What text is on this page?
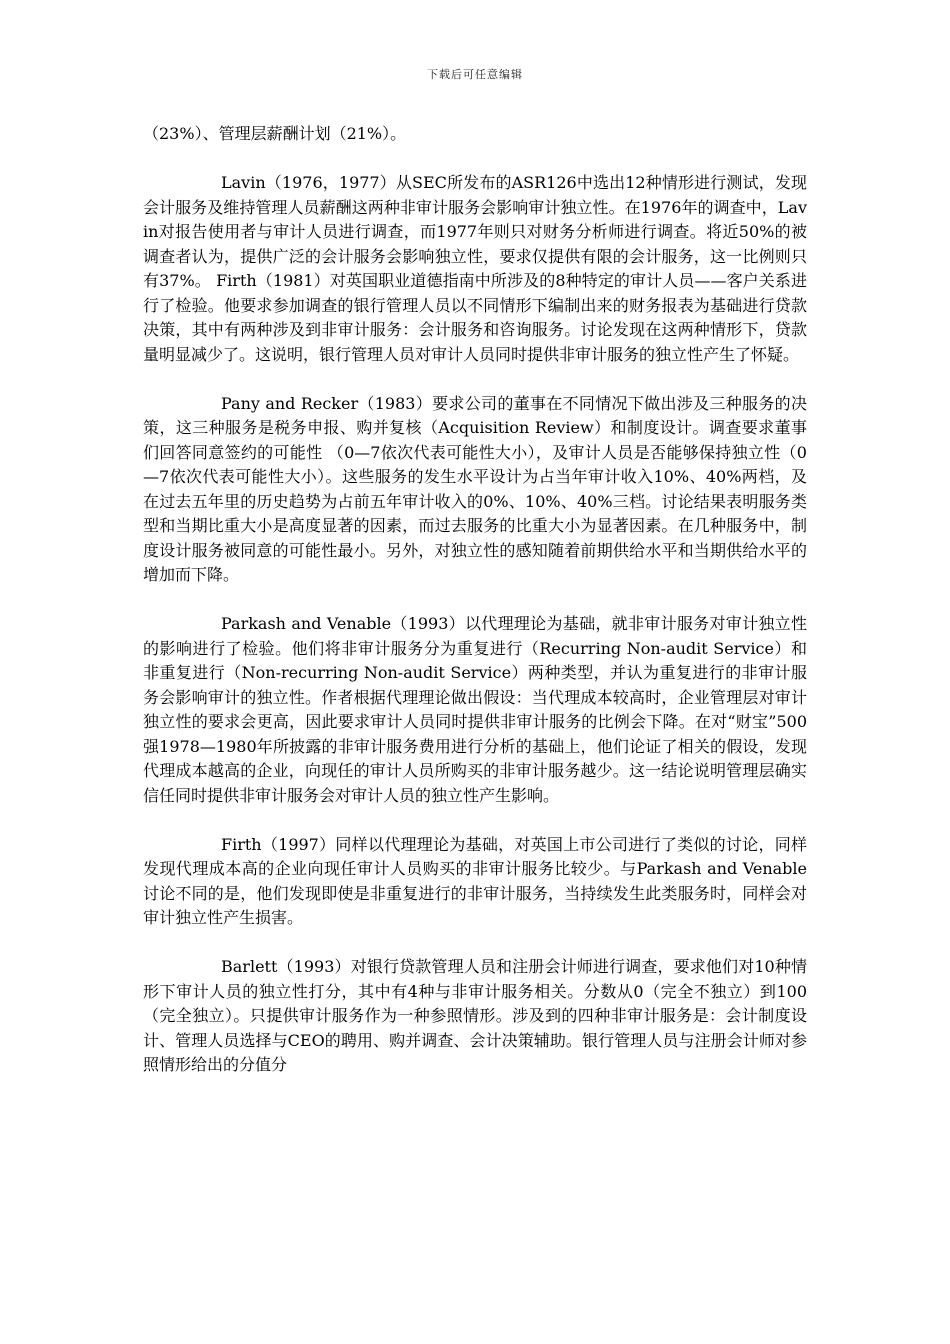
下载后可任意编辑

（23%）、管理层薪酬计划（21%）。

Lavin（1976，1977）从SEC所发布的ASR126中选出12种情形进行测试，发现会计服务及维持管理人员薪酬这两种非审计服务会影响审计独立性。在1976年的调查中，Lavin对报告使用者与审计人员进行调查，而1977年则只对财务分析师进行调查。将近50%的被调查者认为，提供广泛的会计服务会影响独立性，要求仅提供有限的会计服务，这一比例则只有37%。 Firth（1981）对英国职业道德指南中所涉及的8种特定的审计人员——客户关系进行了检验。他要求参加调查的银行管理人员以不同情形下编制出来的财务报表为基础进行贷款决策，其中有两种涉及到非审计服务：会计服务和咨询服务。讨论发现在这两种情形下，贷款量明显减少了。这说明，银行管理人员对审计人员同时提供非审计服务的独立性产生了怀疑。

Pany and Recker（1983）要求公司的董事在不同情况下做出涉及三种服务的决策，这三种服务是税务申报、购并复核（Acquisition Review）和制度设计。调查要求董事们回答同意签约的可能性 （0—7依次代表可能性大小），及审计人员是否能够保持独立性（0—7依次代表可能性大小）。这些服务的发生水平设计为占当年审计收入10%、40%两档，及在过去五年里的历史趋势为占前五年审计收入的0%、10%、40%三档。讨论结果表明服务类型和当期比重大小是高度显著的因素，而过去服务的比重大小为显著因素。在几种服务中，制度设计服务被同意的可能性最小。另外，对独立性的感知随着前期供给水平和当期供给水平的增加而下降。

Parkash and Venable（1993）以代理理论为基础，就非审计服务对审计独立性的影响进行了检验。他们将非审计服务分为重复进行（Recurring Non-audit Service）和非重复进行（Non-recurring Non-audit Service）两种类型，并认为重复进行的非审计服务会影响审计的独立性。作者根据代理理论做出假设：当代理成本较高时，企业管理层对审计独立性的要求会更高，因此要求审计人员同时提供非审计服务的比例会下降。在对“财宝”500强1978—1980年所披露的非审计服务费用进行分析的基础上，他们论证了相关的假设，发现代理成本越高的企业，向现任的审计人员所购买的非审计服务越少。这一结论说明管理层确实信任同时提供非审计服务会对审计人员的独立性产生影响。

Firth（1997）同样以代理理论为基础，对英国上市公司进行了类似的讨论，同样发现代理成本高的企业向现任审计人员购买的非审计服务比较少。与Parkash and Venable讨论不同的是，他们发现即使是非重复进行的非审计服务，当持续发生此类服务时，同样会对审计独立性产生损害。

Barlett（1993）对银行贷款管理人员和注册会计师进行调查，要求他们对10种情形下审计人员的独立性打分，其中有4种与非审计服务相关。分数从0（完全不独立）到100（完全独立）。只提供审计服务作为一种参照情形。涉及到的四种非审计服务是：会计制度设计、管理人员选择与CEO的聘用、购并调查、会计决策辅助。银行管理人员与注册会计师对参照情形给出的分值分
